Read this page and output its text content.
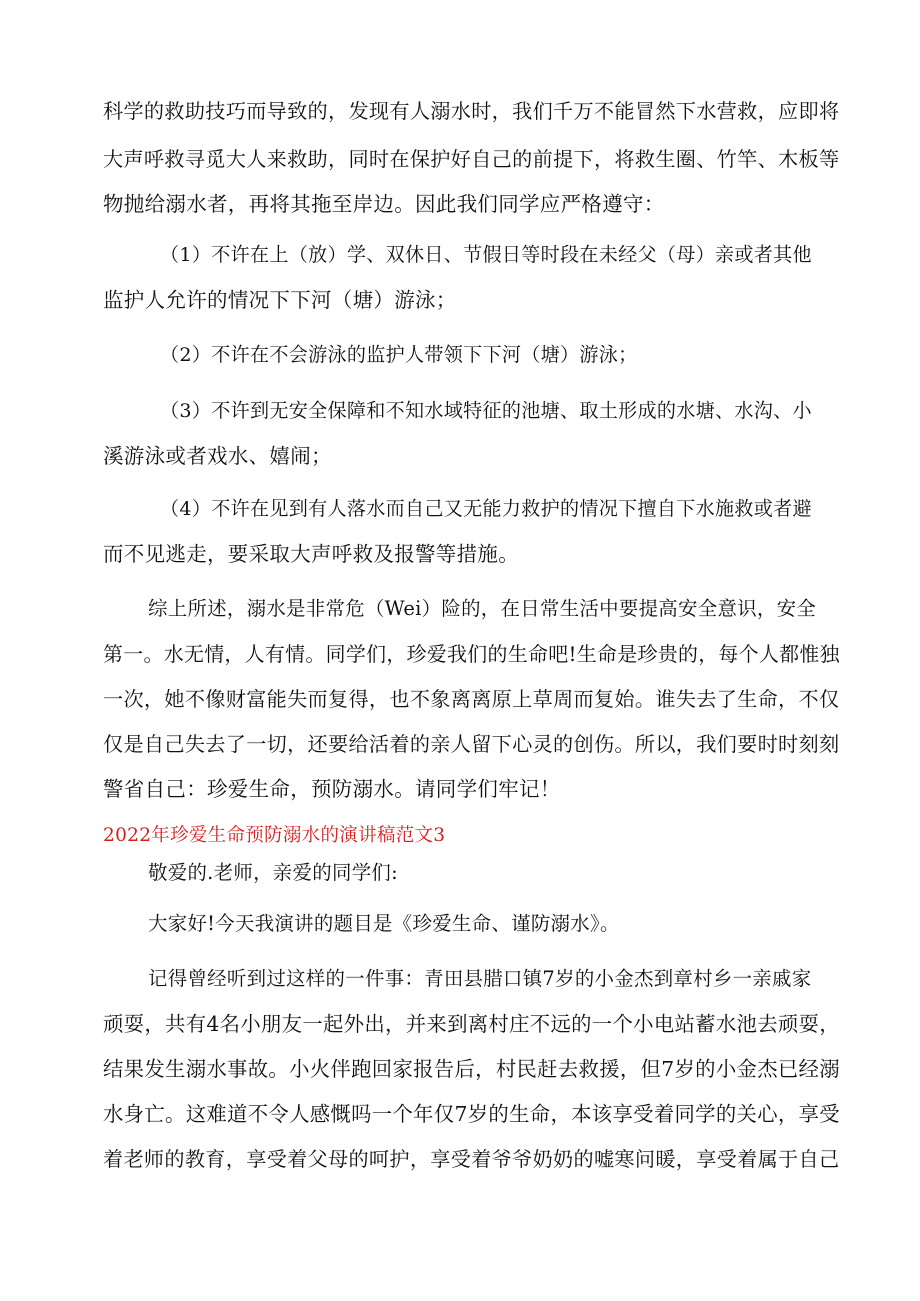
科学的救助技巧而导致的，发现有人溺水时，我们千万不能冒然下水营救，应即将
大声呼救寻觅大人来救助，同时在保护好自己的前提下，将救生圈、竹竿、木板等
物抛给溺水者，再将其拖至岸边。因此我们同学应严格遵守：
（1）不许在上（放）学、双休日、节假日等时段在未经父（母）亲或者其他
监护人允许的情况下下河（塘）游泳；
（2）不许在不会游泳的监护人带领下下河（塘）游泳；
（3）不许到无安全保障和不知水域特征的池塘、取土形成的水塘、水沟、小
溪游泳或者戏水、嬉闹；
（4）不许在见到有人落水而自己又无能力救护的情况下擅自下水施救或者避
而不见逃走，要采取大声呼救及报警等措施。
综上所述，溺水是非常危（Wei）险的，在日常生活中要提高安全意识，安全
第一。水无情，人有情。同学们，珍爱我们的生命吧!生命是珍贵的，每个人都惟独
一次，她不像财富能失而复得，也不象离离原上草周而复始。谁失去了生命，不仅
仅是自己失去了一切，还要给活着的亲人留下心灵的创伤。所以，我们要时时刻刻
警省自己：珍爱生命，预防溺水。请同学们牢记！
2022年珍爱生命预防溺水的演讲稿范文3
敬爱的.老师，亲爱的同学们:
大家好!今天我演讲的题目是《珍爱生命、谨防溺水》。
记得曾经听到过这样的一件事：青田县腊口镇7岁的小金杰到章村乡一亲戚家
顽耍，共有4名小朋友一起外出，并来到离村庄不远的一个小电站蓄水池去顽耍，
结果发生溺水事故。小火伴跑回家报告后，村民赶去救援，但7岁的小金杰已经溺
水身亡。这难道不令人感慨吗一个年仅7岁的生命，本该享受着同学的关心，享受
着老师的教育，享受着父母的呵护，享受着爷爷奶奶的嘘寒问暖，享受着属于自己
